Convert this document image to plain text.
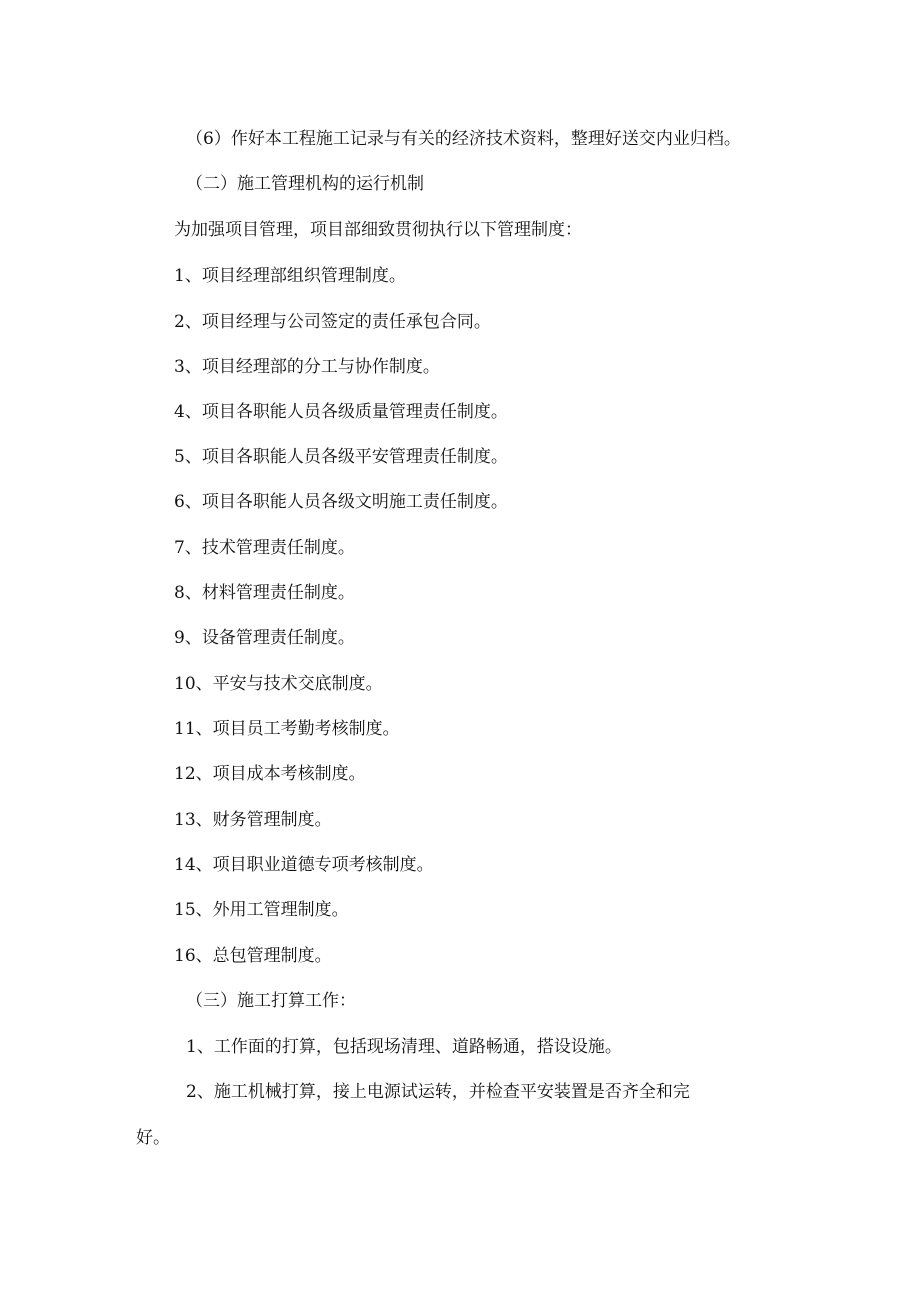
（6）作好本工程施工记录与有关的经济技术资料，整理好送交内业归档。

（二）施工管理机构的运行机制

为加强项目管理，项目部细致贯彻执行以下管理制度：

1、项目经理部组织管理制度。

2、项目经理与公司签定的责任承包合同。

3、项目经理部的分工与协作制度。

4、项目各职能人员各级质量管理责任制度。

5、项目各职能人员各级平安管理责任制度。

6、项目各职能人员各级文明施工责任制度。

7、技术管理责任制度。

8、材料管理责任制度。

9、设备管理责任制度。

10、平安与技术交底制度。

11、项目员工考勤考核制度。

12、项目成本考核制度。

13、财务管理制度。

14、项目职业道德专项考核制度。

15、外用工管理制度。

16、总包管理制度。

（三）施工打算工作：

1、工作面的打算，包括现场清理、道路畅通，搭设设施。

2、施工机械打算，接上电源试运转，并检查平安装置是否齐全和完

好。
